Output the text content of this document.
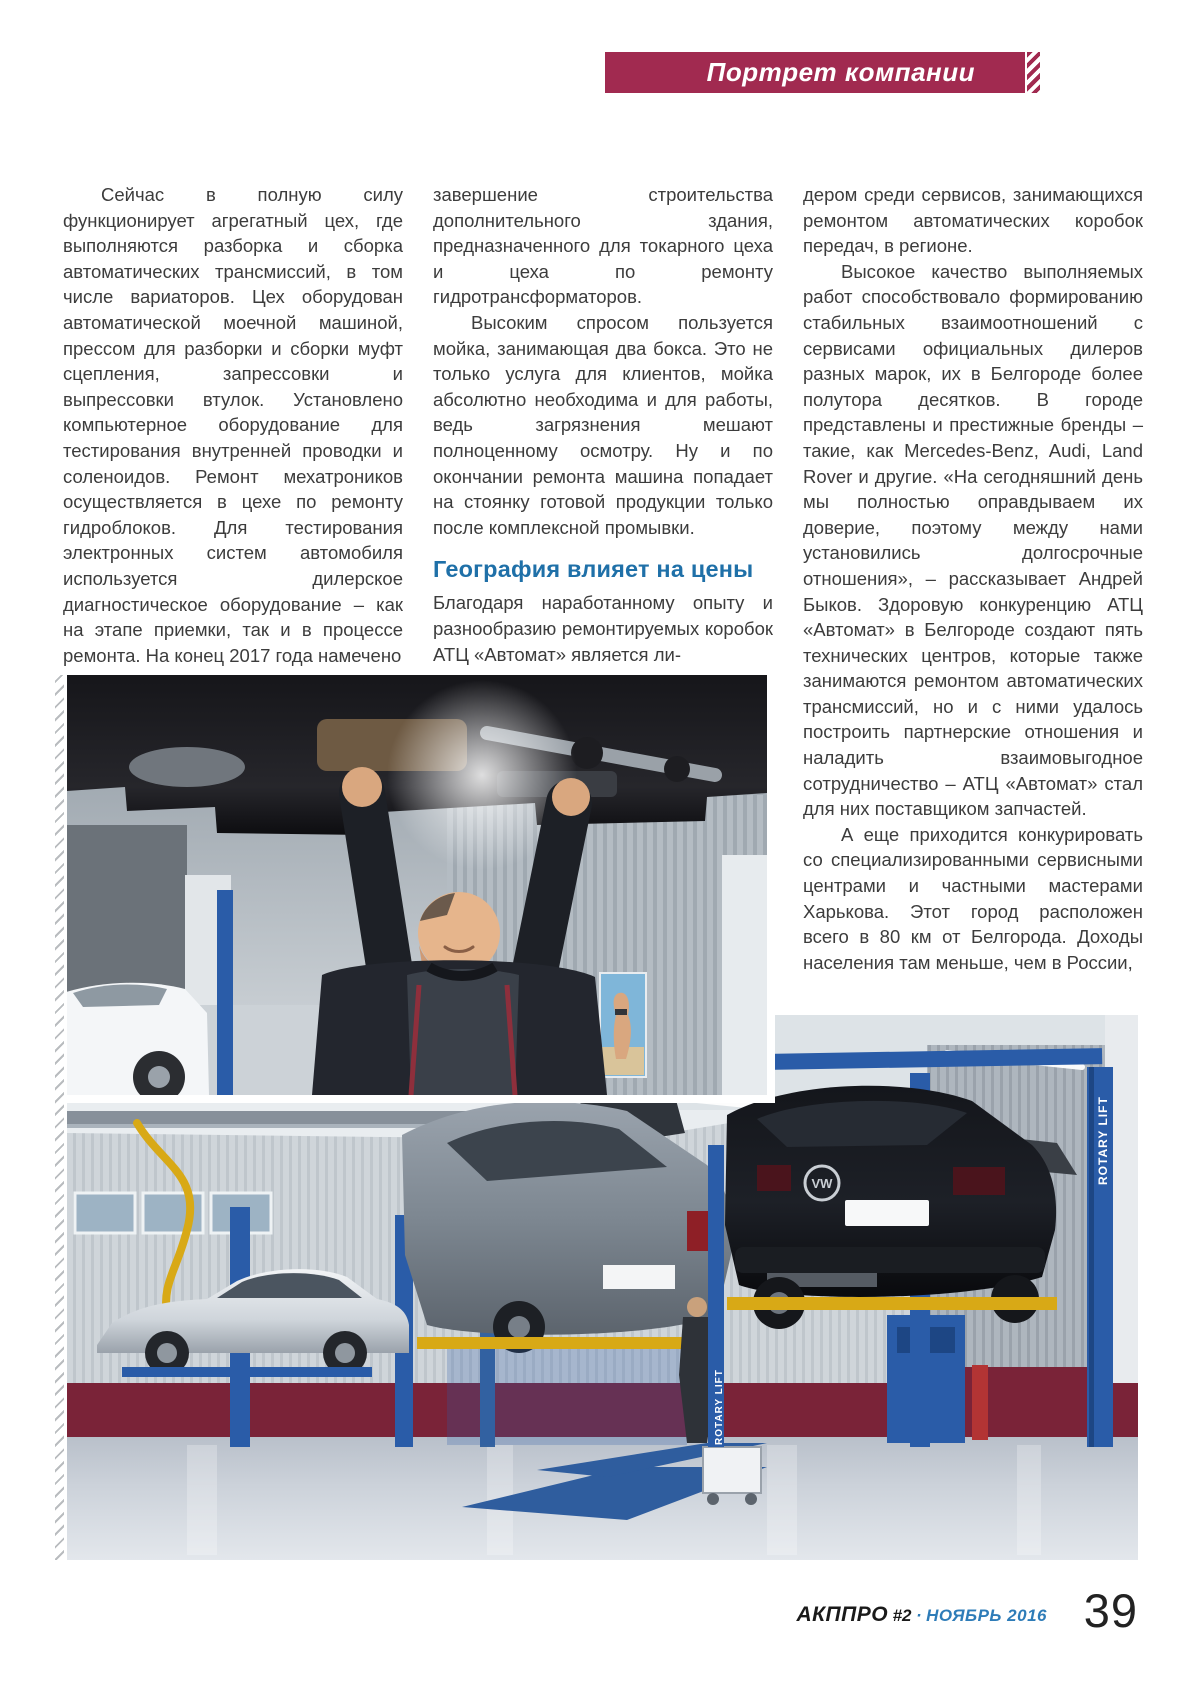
Портрет компании

Сейчас в полную силу функционирует агрегатный цех, где выполняются разборка и сборка автоматических трансмиссий, в том числе вариаторов. Цех оборудован автоматической моечной машиной, прессом для разборки и сборки муфт сцепления, запрессовки и выпрессовки втулок. Установлено компьютерное оборудование для тестирования внутренней проводки и соленоидов. Ремонт мехатроников осуществляется в цехе по ремонту гидроблоков. Для тестирования электронных систем автомобиля используется дилерское диагностическое оборудование – как на этапе приемки, так и в процессе ремонта. На конец 2017 года намечено

завершение строительства дополнительного здания, предназначенного для токарного цеха и цеха по ремонту гидротрансформаторов.

Высоким спросом пользуется мойка, занимающая два бокса. Это не только услуга для клиентов, мойка абсолютно необходима и для работы, ведь загрязнения мешают полноценному осмотру. Ну и по окончании ремонта машина попадает на стоянку готовой продукции только после комплексной промывки.

География влияет на цены

Благодаря наработанному опыту и разнообразию ремонтируемых коробок АТЦ «Автомат» является ли-

дером среди сервисов, занимающихся ремонтом автоматических коробок передач, в регионе.

Высокое качество выполняемых работ способствовало формированию стабильных взаимоотношений с сервисами официальных дилеров разных марок, их в Белгороде более полутора десятков. В городе представлены и престижные бренды – такие, как Mercedes-Benz, Audi, Land Rover и другие. «На сегодняшний день мы полностью оправдываем их доверие, поэтому между нами установились долгосрочные отношения», – рассказывает Андрей Быков. Здоровую конкуренцию АТЦ «Автомат» в Белгороде создают пять технических центров, которые также занимаются ремонтом автоматических трансмиссий, но и с ними удалось построить партнерские отношения и наладить взаимовыгодное сотрудничество – АТЦ «Автомат» стал для них поставщиком запчастей.

А еще приходится конкурировать со специализированными сервисными центрами и частными мастерами Харькова. Этот город расположен всего в 80 км от Белгорода. Доходы населения там меньше, чем в России,

VW	ROTARY LIFT
ROTARY LIFT
АКППРО #2 · НОЯБРЬ 2016 39
